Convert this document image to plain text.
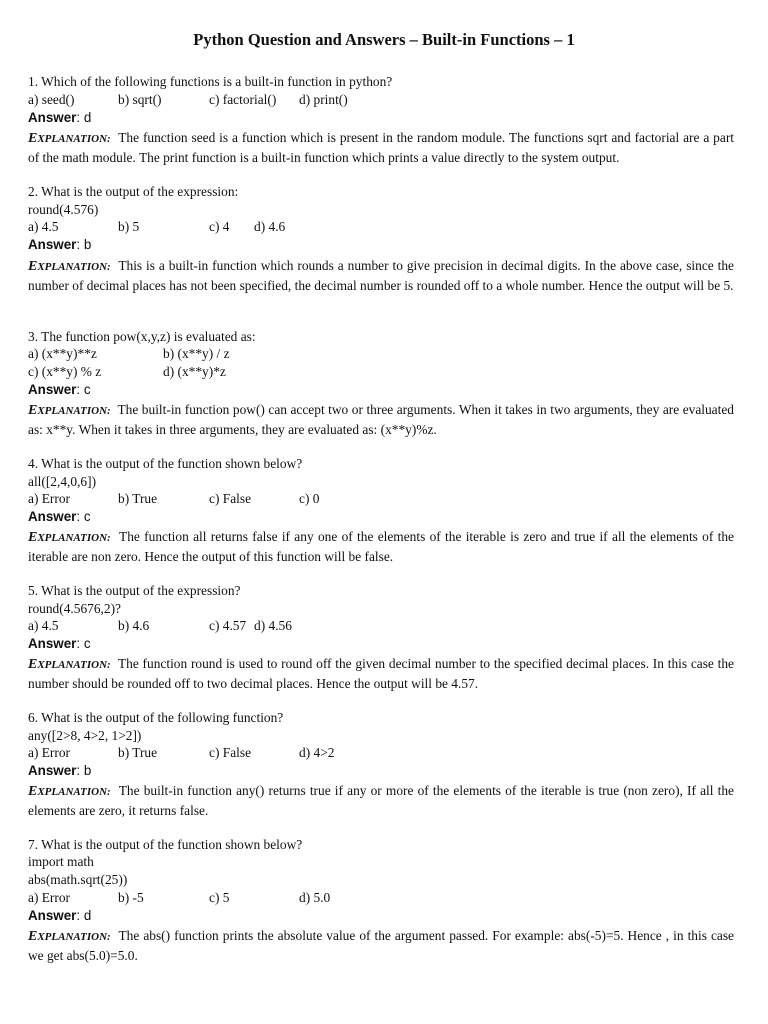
Python Question and Answers – Built-in Functions – 1
1. Which of the following functions is a built-in function in python?
a) seed()	b) sqrt()	c) factorial() d) print()
Answer: d
EXPLANATION:  The function seed is a function which is present in the random module. The functions sqrt and factorial are a part of the math module. The print function is a built-in function which prints a value directly to the system output.
2. What is the output of the expression:
round(4.576)
a) 4.5	b) 5	c) 4 d) 4.6
Answer: b
EXPLANATION:  This is a built-in function which rounds a number to give precision in decimal digits. In the above case, since the number of decimal places has not been specified, the decimal number is rounded off to a whole number. Hence the output will be 5.
3. The function pow(x,y,z) is evaluated as:
a) (x**y)**z	b) (x**y) / z
c) (x**y) % z	d) (x**y)*z
Answer: c
EXPLANATION:  The built-in function pow() can accept two or three arguments. When it takes in two arguments, they are evaluated as: x**y. When it takes in three arguments, they are evaluated as: (x**y)%z.
4. What is the output of the function shown below?
all([2,4,0,6])
a) Error	b) True	c) False	c) 0
Answer: c
EXPLANATION:  The function all returns false if any one of the elements of the iterable is zero and true if all the elements of the iterable are non zero. Hence the output of this function will be false.
5. What is the output of the expression?
round(4.5676,2)?
a) 4.5	b) 4.6	c) 4.57 d) 4.56
Answer: c
EXPLANATION:  The function round is used to round off the given decimal number to the specified decimal places. In this case the number should be rounded off to two decimal places. Hence the output will be 4.57.
6. What is the output of the following function?
any([2>8, 4>2, 1>2])
a) Error	b) True	c) False	d) 4>2
Answer: b
EXPLANATION:  The built-in function any() returns true if any or more of the elements of the iterable is true (non zero), If all the elements are zero, it returns false.
7. What is the output of the function shown below?
import math
abs(math.sqrt(25))
a) Error	b) -5	c) 5	d) 5.0
Answer: d
EXPLANATION:  The abs() function prints the absolute value of the argument passed. For example: abs(-5)=5. Hence , in this case we get abs(5.0)=5.0.
